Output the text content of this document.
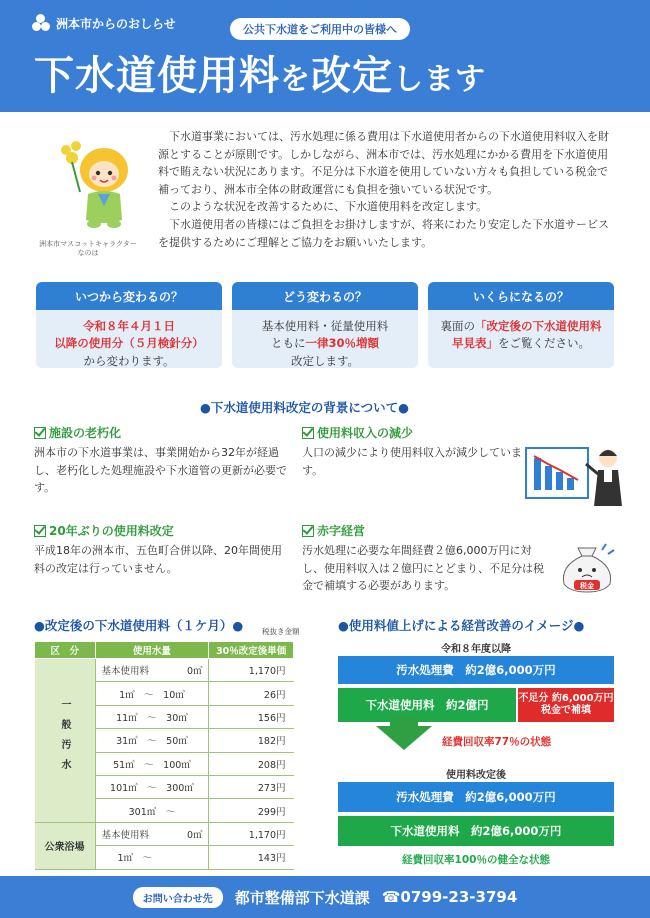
洲本市からのおしらせ	公共下水道をご利用中の皆様へ
下水道使用料を改定します
洲本市マスコットキャラクター
なのは

下水道事業においては、汚水処理に係る費用は下水道使用者からの下水道使用料収入を財源とすることが原則です。しかしながら、洲本市では、汚水処理にかかる費用を下水道使用料で賄えない状況にあります。不足分は下水道を使用していない方々も負担している税金で補っており、洲本市全体の財政運営にも負担を強いている状況です。

このような状況を改善するために、下水道使用料を改定します。

下水道使用者の皆様にはご負担をお掛けしますが、将来にわたり安定した下水道サービスを提供するためにご理解とご協力をお願いいたします。

いつから変わるの？
令和８年４月１日
以降の使用分（５月検針分）
から変わります。
どう変わるの？
基本使用料・従量使用料
ともに一律30％増額
改定します。
いくらになるの？
裏面の「改定後の下水道使用料
早見表」をご覧ください。
●下水道使用料改定の背景について●
施設の老朽化
洲本市の下水道事業は、事業開始から32年が経過し、老朽化した処理施設や下水道管の更新が必要です。
使用料収入の減少
人口の減少により使用料収入が減少しています。
20年ぶりの使用料改定
平成18年の洲本市、五色町合併以降、20年間使用料の改定は行っていません。
赤字経営
汚水処理に必要な年間経費２億6,000万円に対し、使用料収入は２億円にとどまり、不足分は税金で補填する必要があります。	税金
●改定後の下水道使用料（１ケ月）● 税抜き金額
区　分	使用水量	30％改定後単価
一般汚水	基本使用料　　　　0㎥	1,170円
	1㎥　～　10㎥	26円
	11㎥　～　30㎥	156円
	31㎥　～　50㎥	182円
	51㎥　～　100㎥	208円
	101㎥　～　300㎥	273円
	301㎥　～	299円
公衆浴場	基本使用料　　　　0㎥	1,170円
	1㎥　～	143円
●使用料値上げによる経営改善のイメージ●
令和８年度以降
汚水処理費　約2億6,000万円
下水道使用料　約2億円	不足分 約6,000万円
税金で補填
経費回収率77％の状態
使用料改定後
汚水処理費　約2億6,000万円
下水道使用料　約2億6,000万円
経費回収率100％の健全な状態
お問い合わせ先	都市整備部下水道課 ☎0799-23-3794
